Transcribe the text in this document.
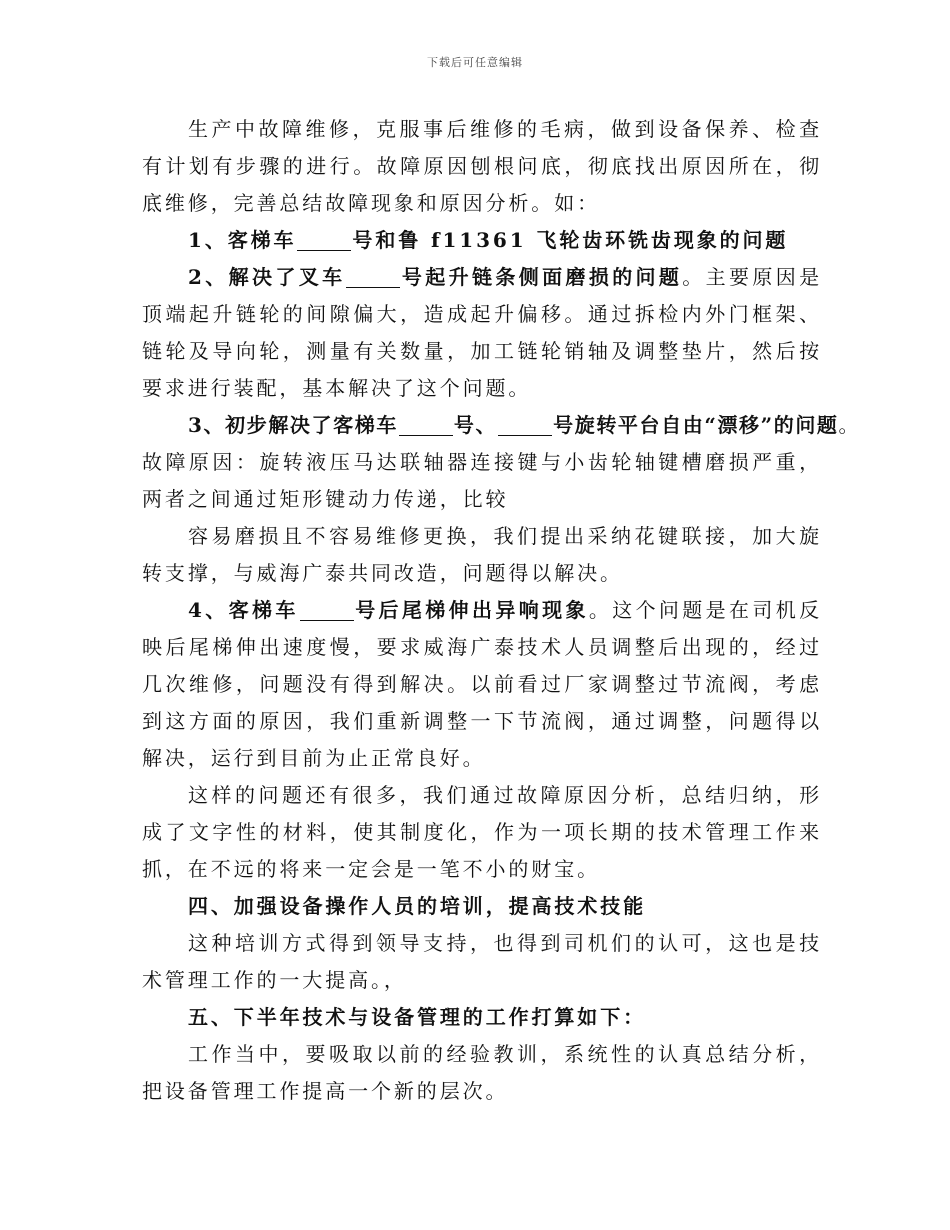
下载后可任意编辑

生产中故障维修，克服事后维修的毛病，做到设备保养、检查有计划有步骤的进行。故障原因刨根问底，彻底找出原因所在，彻底维修，完善总结故障现象和原因分析。如：

1、客梯车	号和鲁 f11361 飞轮齿环铣齿现象的问题

2、解决了叉车	号起升链条侧面磨损的问题。主要原因是顶端起升链轮的间隙偏大，造成起升偏移。通过拆检内外门框架、链轮及导向轮，测量有关数量，加工链轮销轴及调整垫片，然后按要求进行装配，基本解决了这个问题。

3、初步解决了客梯车	号、	号旋转平台自由“漂移”的问题。

故障原因：旋转液压马达联轴器连接键与小齿轮轴键槽磨损严重，两者之间通过矩形键动力传递，比较

容易磨损且不容易维修更换，我们提出采纳花键联接，加大旋转支撑，与威海广泰共同改造，问题得以解决。

4、客梯车	号后尾梯伸出异响现象。这个问题是在司机反映后尾梯伸出速度慢，要求威海广泰技术人员调整后出现的，经过几次维修，问题没有得到解决。以前看过厂家调整过节流阀，考虑到这方面的原因，我们重新调整一下节流阀，通过调整，问题得以解决，运行到目前为止正常良好。

这样的问题还有很多，我们通过故障原因分析，总结归纳，形成了文字性的材料，使其制度化，作为一项长期的技术管理工作来抓，在不远的将来一定会是一笔不小的财宝。

四、加强设备操作人员的培训，提高技术技能

这种培训方式得到领导支持，也得到司机们的认可，这也是技术管理工作的一大提高。，

五、下半年技术与设备管理的工作打算如下：

工作当中，要吸取以前的经验教训，系统性的认真总结分析，把设备管理工作提高一个新的层次。
